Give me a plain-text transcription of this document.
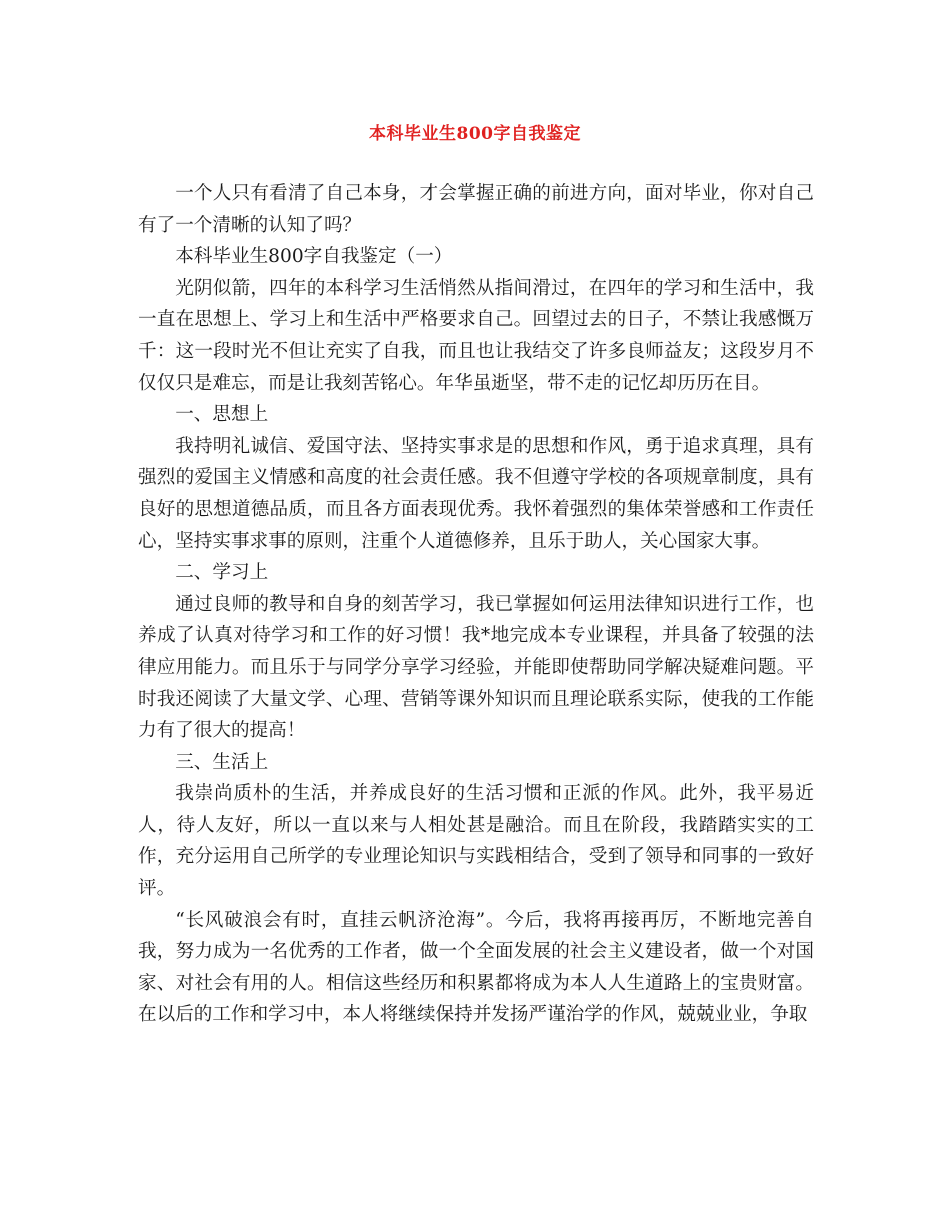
本科毕业生800字自我鉴定

一个人只有看清了自己本身，才会掌握正确的前进方向，面对毕业，你对自己有了一个清晰的认知了吗？

本科毕业生800字自我鉴定（一）

光阴似箭，四年的本科学习生活悄然从指间滑过，在四年的学习和生活中，我一直在思想上、学习上和生活中严格要求自己。回望过去的日子，不禁让我感慨万千：这一段时光不但让充实了自我，而且也让我结交了许多良师益友；这段岁月不仅仅只是难忘，而是让我刻苦铭心。年华虽逝坚，带不走的记忆却历历在目。

一、思想上

我持明礼诚信、爱国守法、坚持实事求是的思想和作风，勇于追求真理，具有强烈的爱国主义情感和高度的社会责任感。我不但遵守学校的各项规章制度，具有良好的思想道德品质，而且各方面表现优秀。我怀着强烈的集体荣誉感和工作责任心，坚持实事求事的原则，注重个人道德修养，且乐于助人，关心国家大事。

二、学习上

通过良师的教导和自身的刻苦学习，我已掌握如何运用法律知识进行工作，也养成了认真对待学习和工作的好习惯！我*地完成本专业课程，并具备了较强的法律应用能力。而且乐于与同学分享学习经验，并能即使帮助同学解决疑难问题。平时我还阅读了大量文学、心理、营销等课外知识而且理论联系实际，使我的工作能力有了很大的提高！

三、生活上

我崇尚质朴的生活，并养成良好的生活习惯和正派的作风。此外，我平易近人，待人友好，所以一直以来与人相处甚是融洽。而且在阶段，我踏踏实实的工作，充分运用自己所学的专业理论知识与实践相结合，受到了领导和同事的一致好评。

“长风破浪会有时，直挂云帆济沧海”。今后，我将再接再厉，不断地完善自我，努力成为一名优秀的工作者，做一个全面发展的社会主义建设者，做一个对国家、对社会有用的人。相信这些经历和积累都将成为本人人生道路上的宝贵财富。在以后的工作和学习中，本人将继续保持并发扬严谨治学的作风，兢兢业业，争取
